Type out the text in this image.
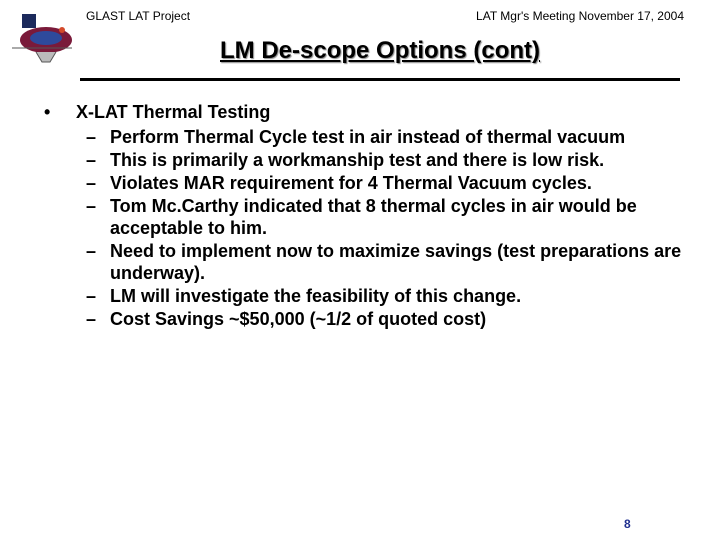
GLAST LAT Project	LAT Mgr's Meeting November 17, 2004
LM De-scope Options (cont)
•	X-LAT Thermal Testing
– Perform Thermal Cycle test in air instead of thermal vacuum
– This is primarily a workmanship test and there is low risk.
– Violates MAR requirement for 4 Thermal Vacuum cycles.
– Tom Mc.Carthy indicated that 8 thermal cycles in air would be acceptable to him.
– Need to implement now to maximize savings (test preparations are underway).
– LM will investigate the feasibility of this change.
– Cost Savings ~$50,000 (~1/2 of quoted cost)
8
